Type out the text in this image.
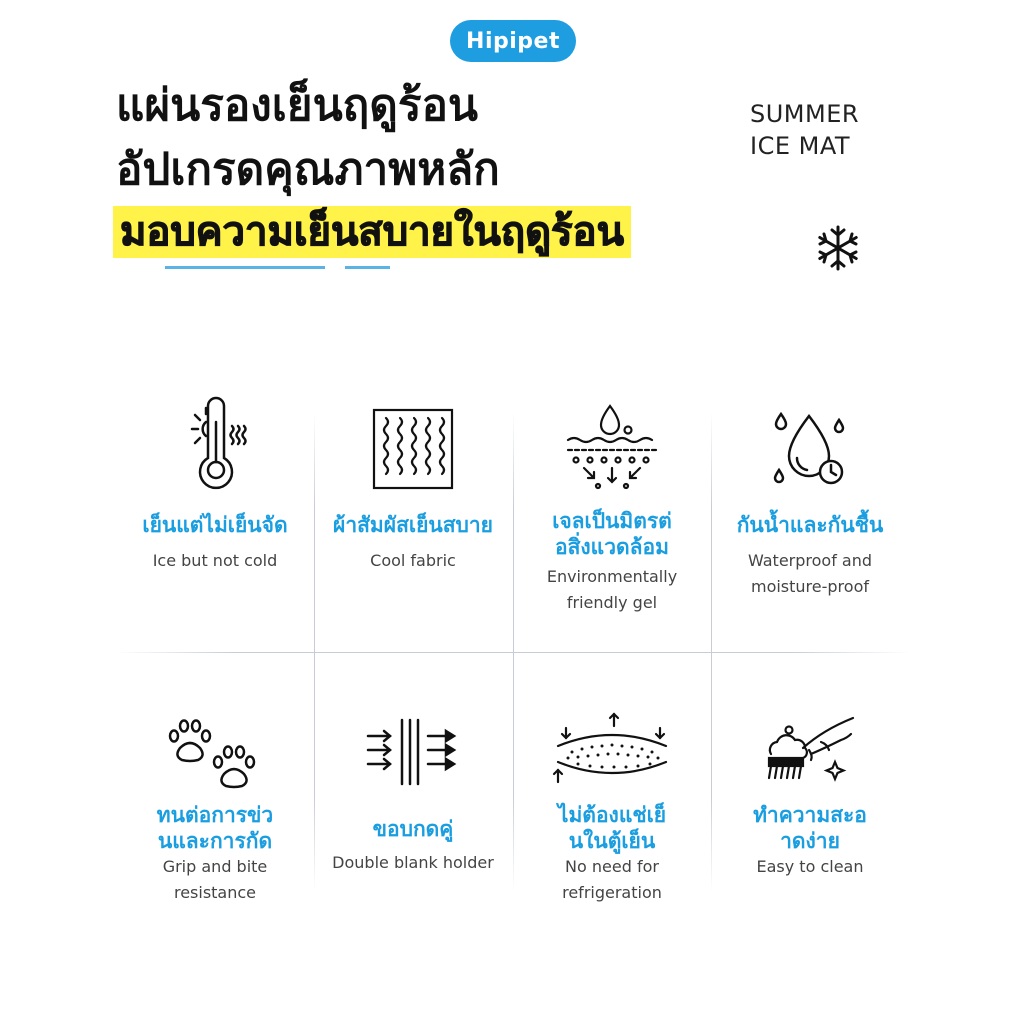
Hipipet
แผ่นรองเย็นฤดูร้อน
อัปเกรดคุณภาพหลัก
มอบความเย็นสบายในฤดูร้อน
SUMMER
ICE MAT
เย็นแต่ไม่เย็นจัด
Ice but not cold
ผ้าสัมผัสเย็นสบาย
Cool fabric
เจลเป็นมิตรต่
อสิ่งแวดล้อม
Environmentally
friendly gel
กันน้ำและกันชื้น
Waterproof and
moisture-proof
ทนต่อการข่ว
นและการกัด
Grip and bite
resistance
ขอบกดคู่
Double blank holder
ไม่ต้องแช่เย็
นในตู้เย็น
No need for
refrigeration
ทำความสะอ
าดง่าย
Easy to clean
